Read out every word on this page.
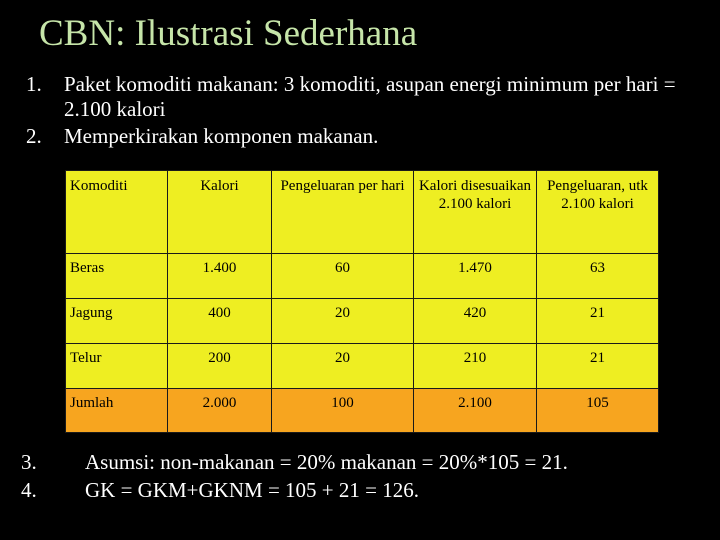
CBN: Ilustrasi Sederhana
1.	Paket komoditi makanan: 3 komoditi, asupan energi minimum per hari = 2.100 kalori
2.	Memperkirakan komponen makanan.
Komoditi	Kalori	Pengeluaran per hari	Kalori disesuaikan 2.100 kalori	Pengeluaran, utk 2.100 kalori
Beras	1.400	60	1.470	63
Jagung	400	20	420	21
Telur	200	20	210	21
Jumlah	2.000	100	2.100	105
3.	Asumsi: non-makanan = 20% makanan = 20%*105 = 21.
4.	GK = GKM+GKNM = 105 + 21 = 126.
